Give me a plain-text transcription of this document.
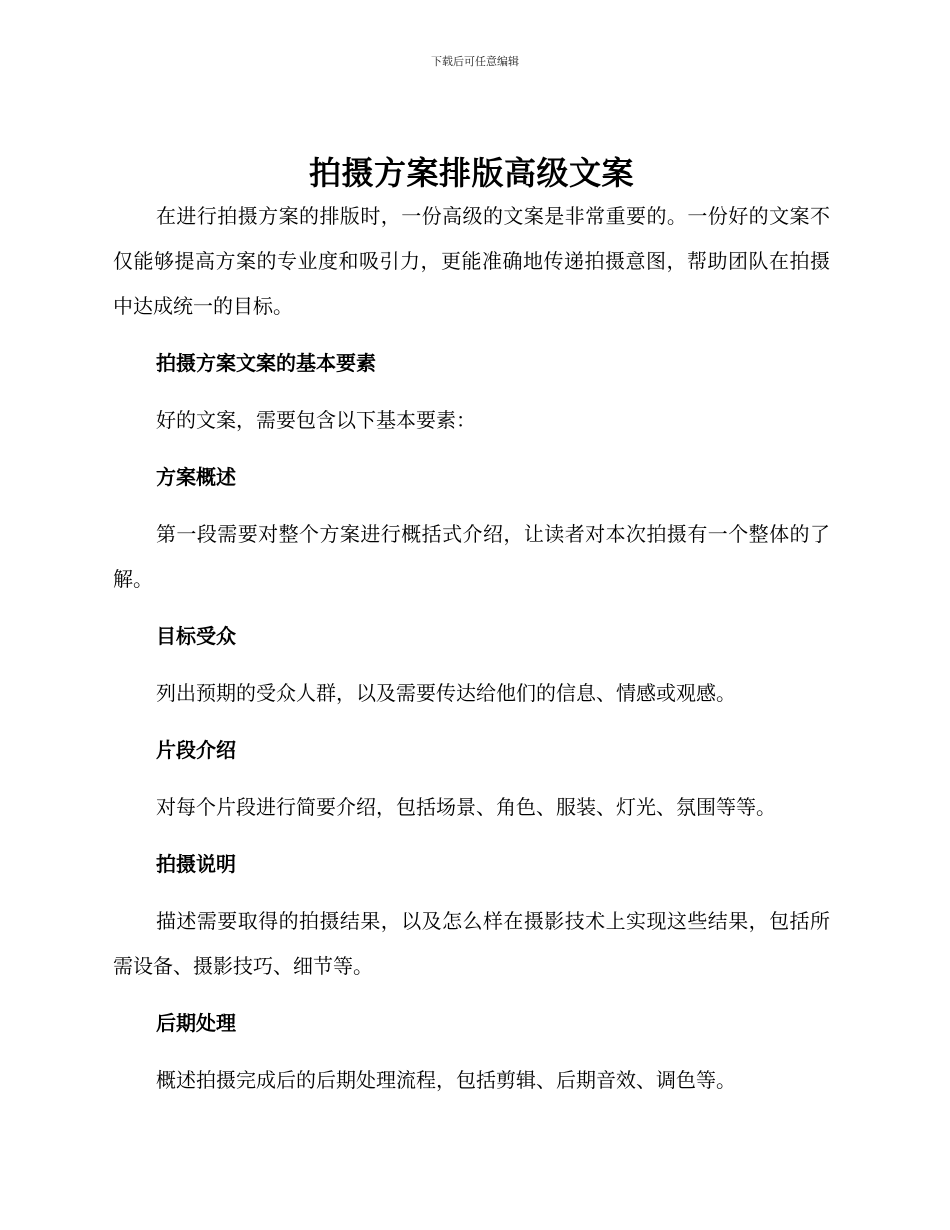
下载后可任意编辑
拍摄方案排版高级文案

在进行拍摄方案的排版时，一份高级的文案是非常重要的。一份好的文案不仅能够提高方案的专业度和吸引力，更能准确地传递拍摄意图，帮助团队在拍摄中达成统一的目标。

拍摄方案文案的基本要素

好的文案，需要包含以下基本要素：

方案概述

第一段需要对整个方案进行概括式介绍，让读者对本次拍摄有一个整体的了解。

目标受众

列出预期的受众人群，以及需要传达给他们的信息、情感或观感。

片段介绍

对每个片段进行简要介绍，包括场景、角色、服装、灯光、氛围等等。

拍摄说明

描述需要取得的拍摄结果，以及怎么样在摄影技术上实现这些结果，包括所需设备、摄影技巧、细节等。

后期处理

概述拍摄完成后的后期处理流程，包括剪辑、后期音效、调色等。
